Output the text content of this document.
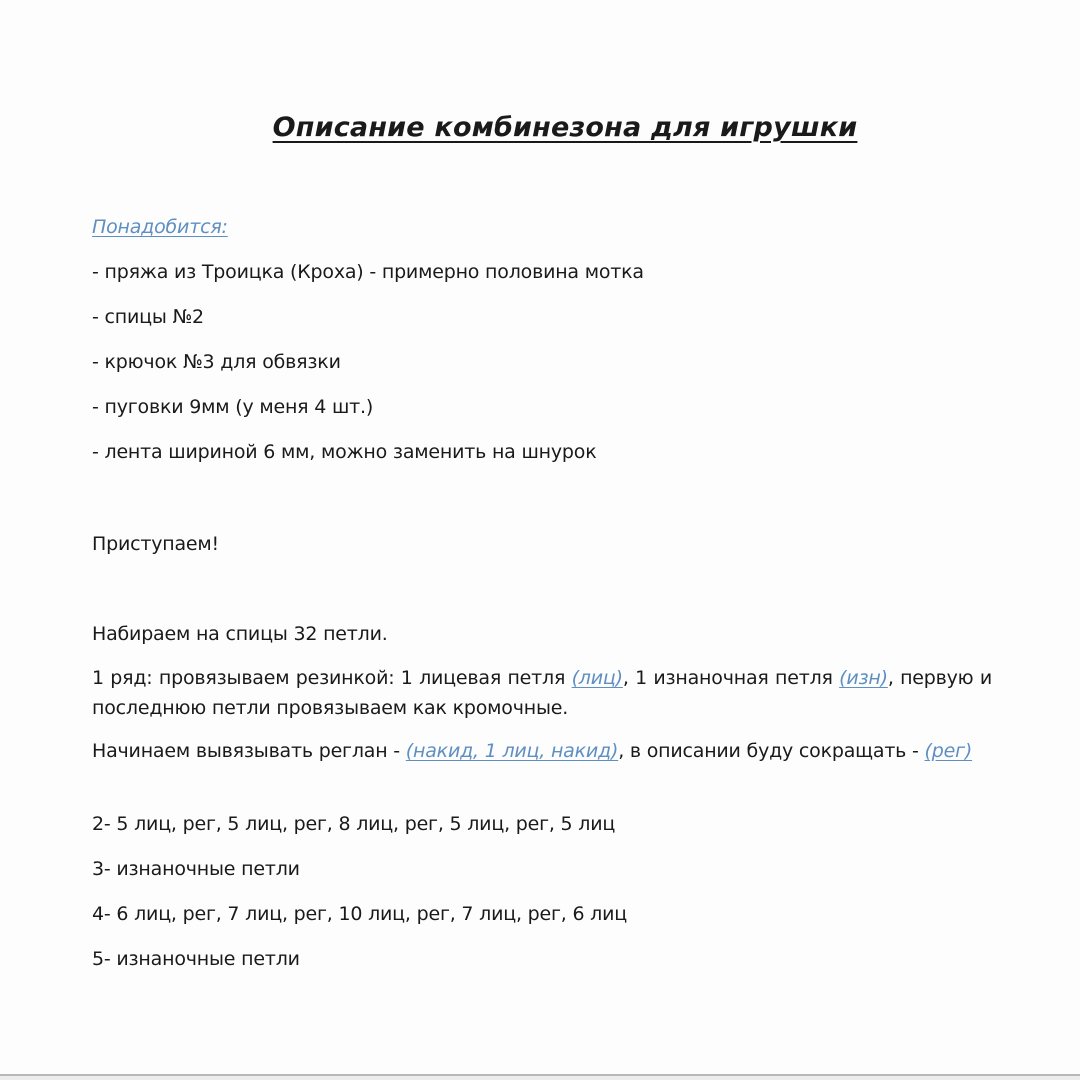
Описание комбинезона для игрушки
Понадобится:
- пряжа из Троицка (Кроха) - примерно половина мотка
- спицы №2
- крючок №3 для обвязки
- пуговки 9мм (у меня 4 шт.)
- лента шириной 6 мм, можно заменить на шнурок
Приступаем!
Набираем на спицы 32 петли.
1 ряд: провязываем резинкой: 1 лицевая петля (лиц), 1 изнаночная петля (изн), первую и последнюю петли провязываем как кромочные.
Начинаем вывязывать реглан - (накид, 1 лиц, накид), в описании буду сокращать - (рег)
2- 5 лиц, рег, 5 лиц, рег, 8 лиц, рег, 5 лиц, рег, 5 лиц
3- изнаночные петли
4- 6 лиц, рег, 7 лиц, рег, 10 лиц, рег, 7 лиц, рег, 6 лиц
5- изнаночные петли
